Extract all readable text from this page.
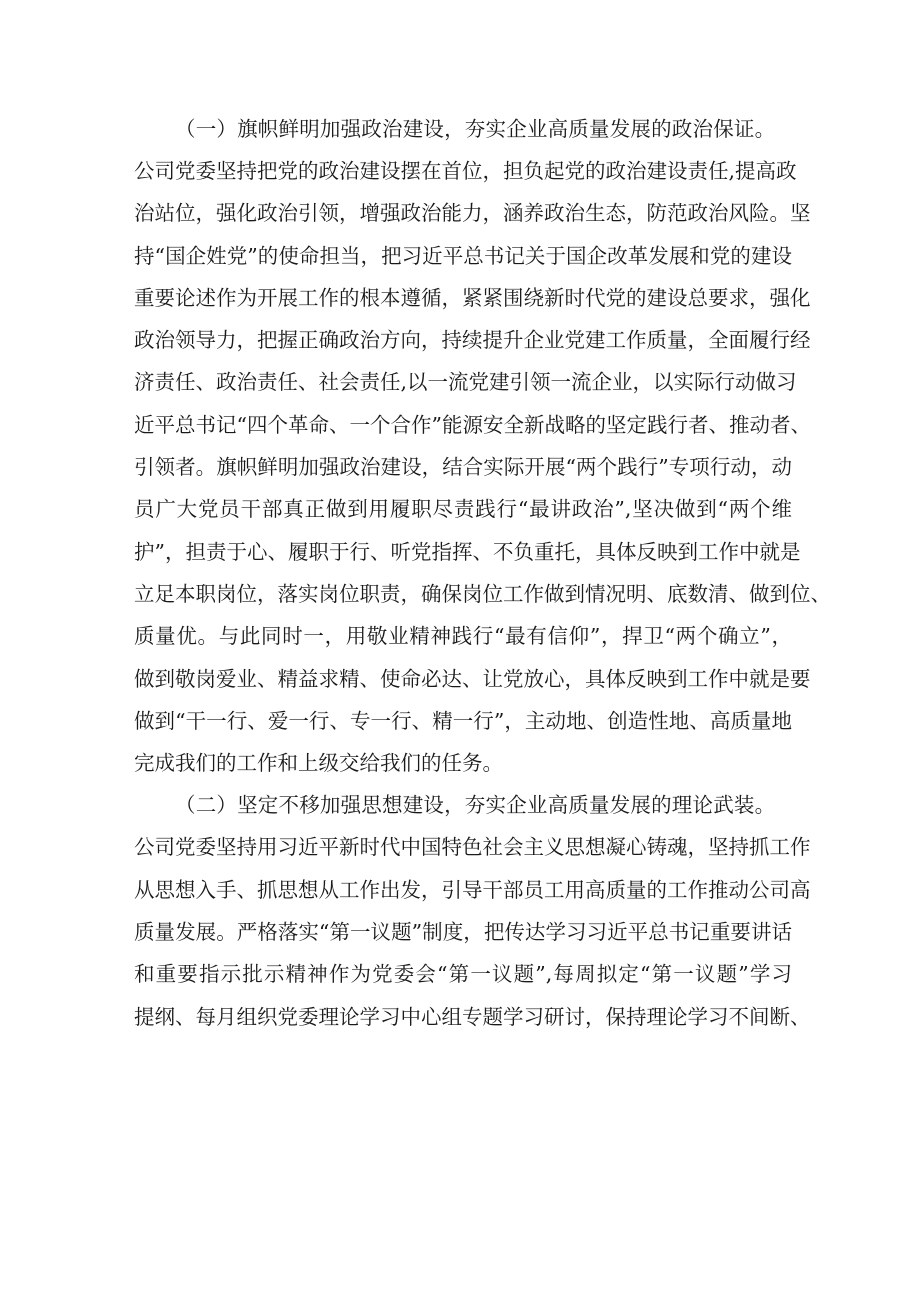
（一）旗帜鲜明加强政治建设，夯实企业高质量发展的政治保证。

公司党委坚持把党的政治建设摆在首位，担负起党的政治建设责任,提高政
治站位，强化政治引领，增强政治能力，涵养政治生态，防范政治风险。坚
持“国企姓党”的使命担当，把习近平总书记关于国企改革发展和党的建设
重要论述作为开展工作的根本遵循，紧紧围绕新时代党的建设总要求，强化
政治领导力，把握正确政治方向，持续提升企业党建工作质量，全面履行经
济责任、政治责任、社会责任,以一流党建引领一流企业，以实际行动做习
近平总书记“四个革命、一个合作”能源安全新战略的坚定践行者、推动者、
引领者。旗帜鲜明加强政治建设，结合实际开展“两个践行”专项行动，动
员广大党员干部真正做到用履职尽责践行“最讲政治”,坚决做到“两个维
护”，担责于心、履职于行、听党指挥、不负重托，具体反映到工作中就是
立足本职岗位，落实岗位职责，确保岗位工作做到情况明、底数清、做到位、
质量优。与此同时一，用敬业精神践行“最有信仰”，捍卫“两个确立”，
做到敬岗爱业、精益求精、使命必达、让党放心，具体反映到工作中就是要
做到“干一行、爱一行、专一行、精一行”，主动地、创造性地、高质量地
完成我们的工作和上级交给我们的任务。

（二）坚定不移加强思想建设，夯实企业高质量发展的理论武装。

公司党委坚持用习近平新时代中国特色社会主义思想凝心铸魂，坚持抓工作
从思想入手、抓思想从工作出发，引导干部员工用高质量的工作推动公司高
质量发展。严格落实“第一议题”制度，把传达学习习近平总书记重要讲话
和重要指示批示精神作为党委会“第一议题”,每周拟定“第一议题”学习
提纲、每月组织党委理论学习中心组专题学习研讨，保持理论学习不间断、
